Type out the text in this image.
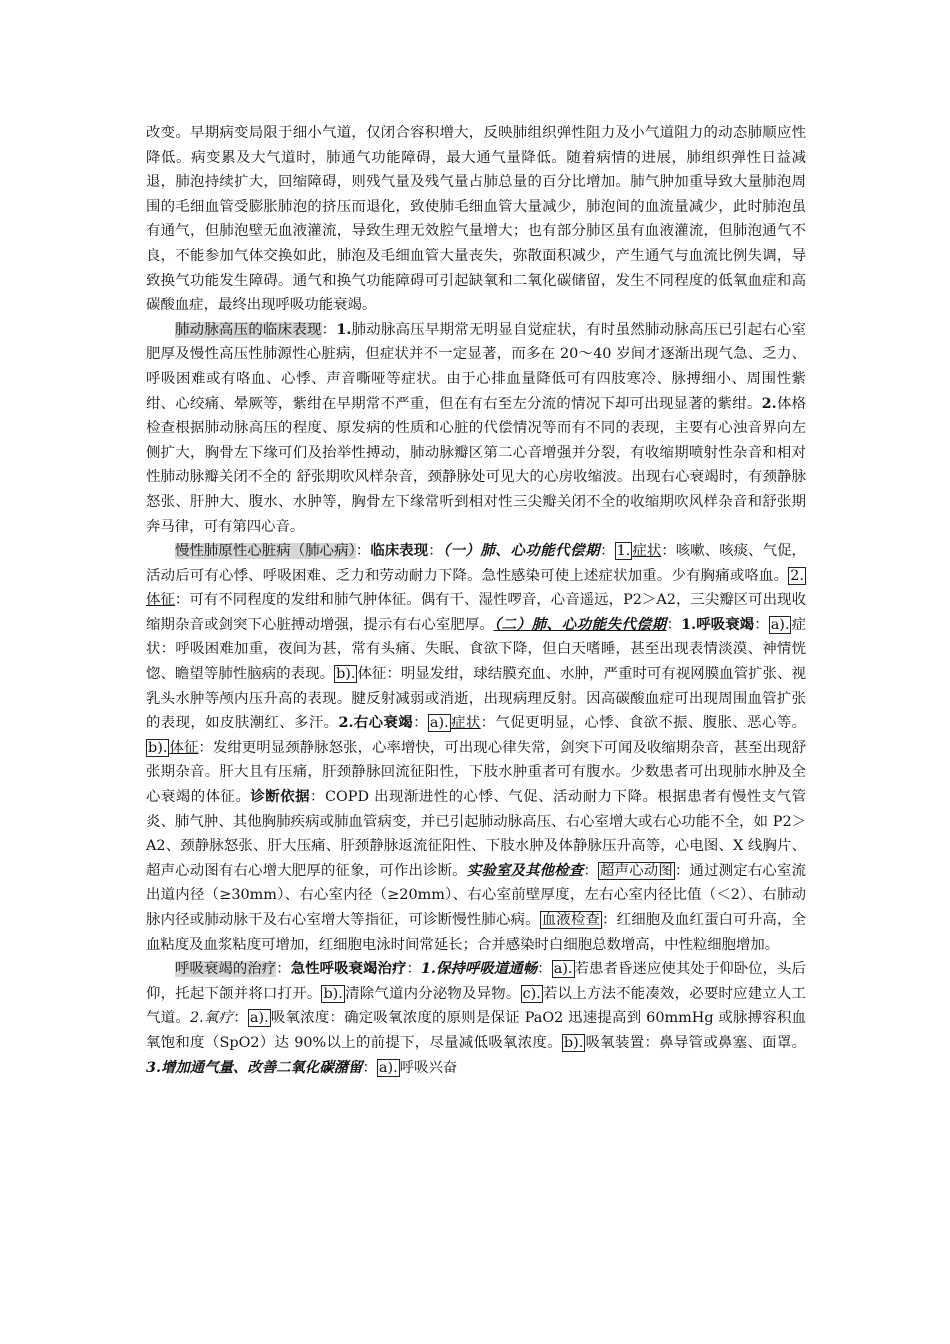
改变。早期病变局限于细小气道，仅闭合容积增大，反映肺组织弹性阻力及小气道阻力的动态肺顺应性降低。病变累及大气道时，肺通气功能障碍，最大通气量降低。随着病情的进展，肺组织弹性日益减退，肺泡持续扩大，回缩障碍，则残气量及残气量占肺总量的百分比增加。肺气肿加重导致大量肺泡周围的毛细血管受膨胀肺泡的挤压而退化，致使肺毛细血管大量减少，肺泡间的血流量减少，此时肺泡虽有通气，但肺泡壁无血液灌流，导致生理无效腔气量增大；也有部分肺区虽有血液灌流，但肺泡通气不良，不能参加气体交换如此，肺泡及毛细血管大量丧失，弥散面积减少，产生通气与血流比例失调，导致换气功能发生障碍。通气和换气功能障碍可引起缺氧和二氧化碳储留，发生不同程度的低氧血症和高碳酸血症，最终出现呼吸功能衰竭。

肺动脉高压的临床表现：1.肺动脉高压早期常无明显自觉症状，有时虽然肺动脉高压已引起右心室肥厚及慢性高压性肺源性心脏病，但症状并不一定显著，而多在 20～40 岁间才逐渐出现气急、乏力、呼吸困难或有咯血、心悸、声音嘶哑等症状。由于心排血量降低可有四肢寒冷、脉搏细小、周围性紫绀、心绞痛、晕厥等，紫绀在早期常不严重，但在有右至左分流的情况下却可出现显著的紫绀。2.体格检查根据肺动脉高压的程度、原发病的性质和心脏的代偿情况等而有不同的表现，主要有心浊音界向左侧扩大，胸骨左下缘可们及抬举性搏动，肺动脉瓣区第二心音增强并分裂，有收缩期喷射性杂音和相对性肺动脉瓣关闭不全的 舒张期吹风样杂音，颈静脉处可见大的心房收缩波。出现右心衰竭时，有颈静脉怒张、肝肿大、腹水、水肿等，胸骨左下缘常听到相对性三尖瓣关闭不全的收缩期吹风样杂音和舒张期奔马律，可有第四心音。

慢性肺原性心脏病（肺心病）：临床表现：（一）肺、心功能代偿期： 1. 症状：咳嗽、咳痰、气促，活动后可有心悸、呼吸困难、乏力和劳动耐力下降。急性感染可使上述症状加重。少有胸痛或咯血。 2.体征：可有不同程度的发绀和肺气肿体征。偶有干、湿性啰音，心音遥远，P2＞A2，三尖瓣区可出现收缩期杂音或剑突下心脏搏动增强，提示有右心室肥厚。（二）肺、心功能失代偿期：1.呼吸衰竭： a). 症状：呼吸困难加重，夜间为甚，常有头痛、失眠、食欲下降，但白天嗜睡，甚至出现表情淡漠、神情恍惚、瞻望等肺性脑病的表现。 b). 体征：明显发绀，球结膜充血、水肿，严重时可有视网膜血管扩张、视乳头水肿等颅内压升高的表现。腱反射减弱或消逝，出现病理反射。因高碳酸血症可出现周围血管扩张的表现，如皮肤潮红、多汗。2.右心衰竭： a). 症状：气促更明显，心悸、食欲不振、腹胀、恶心等。b). 体征：发绀更明显颈静脉怒张，心率增快，可出现心律失常，剑突下可闻及收缩期杂音，甚至出现舒张期杂音。肝大且有压痛，肝颈静脉回流征阳性，下肢水肿重者可有腹水。少数患者可出现肺水肿及全心衰竭的体征。诊断依据：COPD 出现渐进性的心悸、气促、活动耐力下降。根据患者有慢性支气管炎、肺气肿、其他胸肺疾病或肺血管病变，并已引起肺动脉高压、右心室增大或右心功能不全，如 P2＞A2、颈静脉怒张、肝大压痛、肝颈静脉返流征阳性、下肢水肿及体静脉压升高等，心电图、X 线胸片、超声心动图有右心增大肥厚的征象，可作出诊断。实验室及其他检查： 超声心动图 ：通过测定右心室流出道内径（≥30mm）、右心室内径（≥20mm）、右心室前壁厚度，左右心室内径比值（＜2）、右肺动脉内径或肺动脉干及右心室增大等指征，可诊断慢性肺心病。 血液检查 ：红细胞及血红蛋白可升高，全血粘度及血浆粘度可增加，红细胞电泳时间常延长；合并感染时白细胞总数增高，中性粒细胞增加。

呼吸衰竭的治疗：急性呼吸衰竭治疗：1.保持呼吸道通畅： a). 若患者昏迷应使其处于仰卧位，头后仰，托起下颌并将口打开。 b). 清除气道内分泌物及异物。 c). 若以上方法不能凑效，必要时应建立人工气道。2.氧疗： a). 吸氧浓度：确定吸氧浓度的原则是保证 PaO2 迅速提高到 60mmHg 或脉搏容积血氧饱和度（SpO2）达 90%以上的前提下，尽量减低吸氧浓度。 b). 吸氧装置：鼻导管或鼻塞、面罩。3.增加通气量、改善二氧化碳潴留： a). 呼吸兴奋
